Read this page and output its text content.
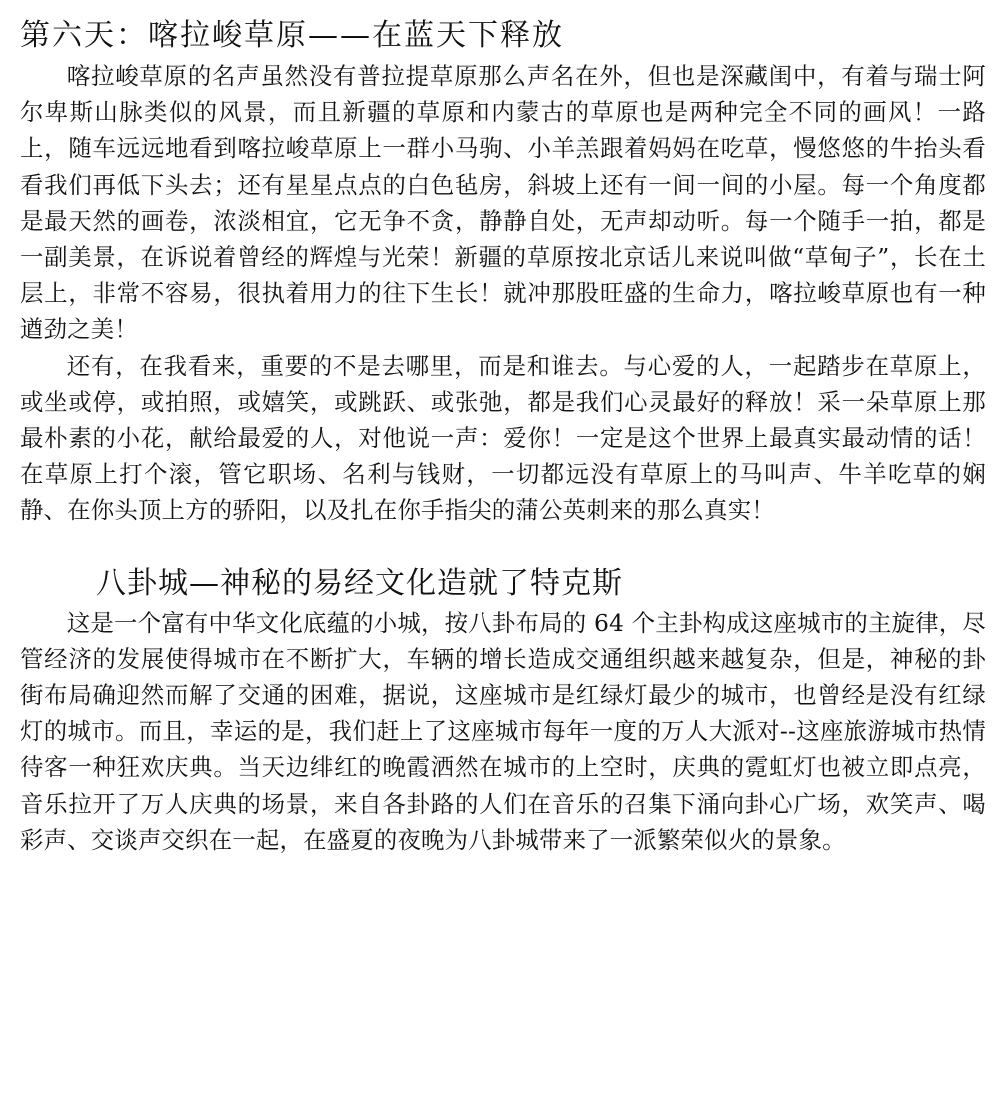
第六天：喀拉峻草原——在蓝天下释放

喀拉峻草原的名声虽然没有普拉提草原那么声名在外，但也是深藏闺中，有着与瑞士阿尔卑斯山脉类似的风景，而且新疆的草原和内蒙古的草原也是两种完全不同的画风！一路上，随车远远地看到喀拉峻草原上一群小马驹、小羊羔跟着妈妈在吃草，慢悠悠的牛抬头看看我们再低下头去；还有星星点点的白色毡房，斜坡上还有一间一间的小屋。每一个角度都是最天然的画卷，浓淡相宜，它无争不贪，静静自处，无声却动听。每一个随手一拍，都是一副美景，在诉说着曾经的辉煌与光荣！新疆的草原按北京话儿来说叫做“草甸子”，长在土层上，非常不容易，很执着用力的往下生长！就冲那股旺盛的生命力，喀拉峻草原也有一种遒劲之美！

还有，在我看来，重要的不是去哪里，而是和谁去。与心爱的人，一起踏步在草原上，或坐或停，或拍照，或嬉笑，或跳跃、或张弛，都是我们心灵最好的释放！采一朵草原上那最朴素的小花，献给最爱的人，对他说一声：爱你！一定是这个世界上最真实最动情的话！在草原上打个滚，管它职场、名利与钱财，一切都远没有草原上的马叫声、牛羊吃草的娴静、在你头顶上方的骄阳，以及扎在你手指尖的蒲公英刺来的那么真实！

八卦城—神秘的易经文化造就了特克斯

这是一个富有中华文化底蕴的小城，按八卦布局的 64 个主卦构成这座城市的主旋律，尽管经济的发展使得城市在不断扩大，车辆的增长造成交通组织越来越复杂，但是，神秘的卦街布局确迎然而解了交通的困难，据说，这座城市是红绿灯最少的城市，也曾经是没有红绿灯的城市。而且，幸运的是，我们赶上了这座城市每年一度的万人大派对--这座旅游城市热情待客一种狂欢庆典。当天边绯红的晚霞洒然在城市的上空时，庆典的霓虹灯也被立即点亮，音乐拉开了万人庆典的场景，来自各卦路的人们在音乐的召集下涌向卦心广场，欢笑声、喝彩声、交谈声交织在一起，在盛夏的夜晚为八卦城带来了一派繁荣似火的景象。
